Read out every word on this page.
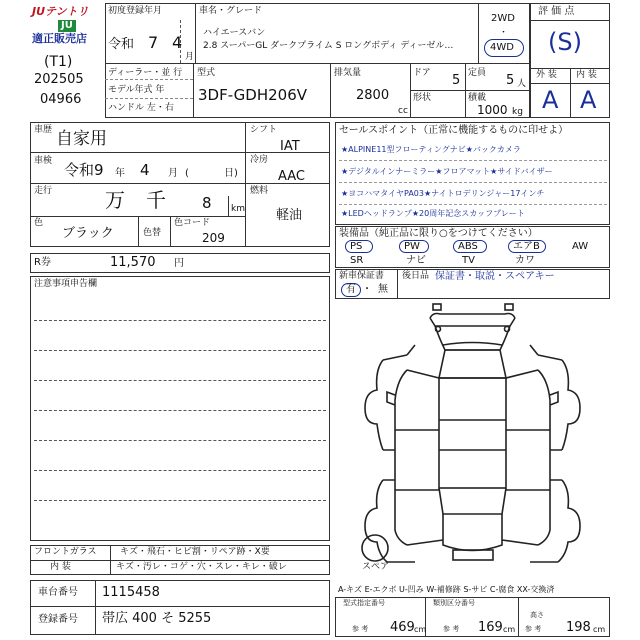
JUテントリ
JU
適正販売店
(T1)
202505
04966
初度登録年月
令和 7 4
月
車名・グレード
ハイエースバン
2.8 スーパーGL ダークプライム S ロングボディ ディーゼル…
2WD
・
4WD
ディーラー・並 行
モデル年式 年
ハンドル 左・右
型式
3DF-GDH206V
排気量
2800
cc
ドア 5 定員 5 人
形状	積載
1000 kg
評 価 点
(S)
外 装 内 装
A A
車歴 自家用
車検 令和9 年 4 月 (	日)
走行	万 千 8 km
色
ブラック	色替
色コード
209
シフト
IAT
冷房
AAC
燃料
軽油
R券	11,570 円
注意事項申告欄
セールスポイント（正常に機能するものに印せよ）
★ALPINE11型フローティングナビ★バックカメラ
★デジタルインナーミラー★フロアマット★サイドバイザー
★ヨコハマタイヤPA03★ナイトロデリンジャー17インチ
★LEDヘッドランプ★20周年記念スカッフプレート
装備品（純正品に限り○をつけてください）
PS	PW	ABS	エアB	AW
SR	ナビ	TV	カワ
新車保証書
有 ・ 無
後日品 保証書・取説・スペアキー
スペア
フロントガラス
内 装
キズ・飛石・ヒビ割・リペア跡・X要
キズ・汚レ・コゲ・穴・スレ・キレ・破レ
車台番号 1115458
登録番号 帯広 400 そ 5255
A-キズ E-エクボ U-凹み W-補修跡 S-サビ C-腐食 XX-交換済
型式指定番号
参 考 469 cm
類別区分番号
参 考 169 cm
高さ
参 考 198 cm
